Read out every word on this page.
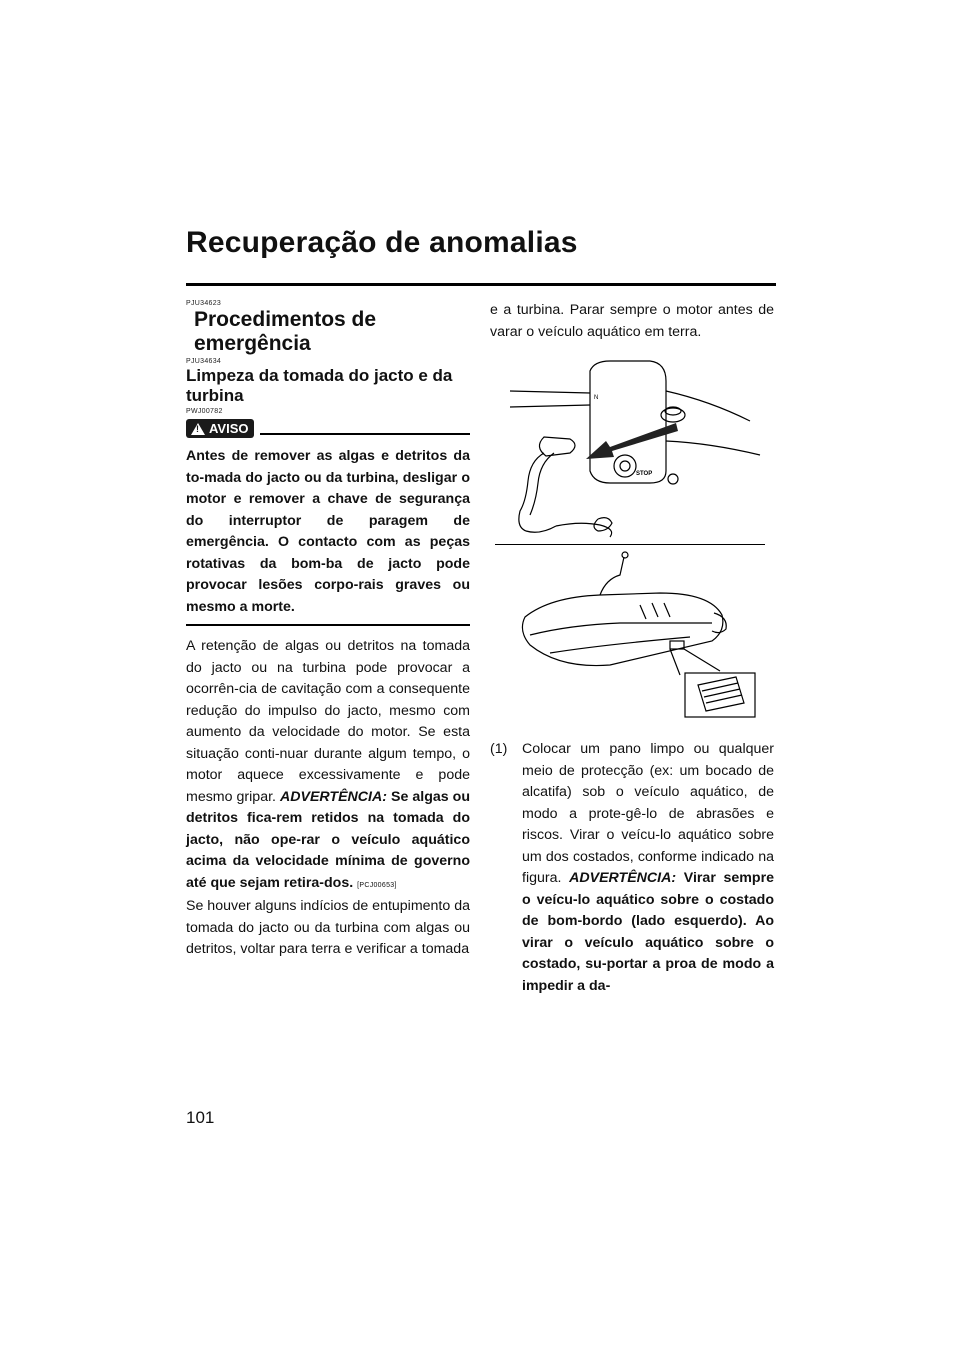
Recuperação de anomalias
PJU34623
Procedimentos de emergência
PJU34634
Limpeza da tomada do jacto e da turbina
PWJ00782
! AVISO

Antes de remover as algas e detritos da to-mada do jacto ou da turbina, desligar o motor e remover a chave de segurança do interruptor de paragem de emergência. O contacto com as peças rotativas da bom-ba de jacto pode provocar lesões corpo-rais graves ou mesmo a morte.

A retenção de algas ou detritos na tomada do jacto ou na turbina pode provocar a ocorrên-cia de cavitação com a consequente redução do impulso do jacto, mesmo com aumento da velocidade do motor. Se esta situação conti-nuar durante algum tempo, o motor aquece excessivamente e pode mesmo gripar. ADVERTÊNCIA: Se algas ou detritos fica-rem retidos na tomada do jacto, não ope-rar o veículo aquático acima da velocidade mínima de governo até que sejam retira-dos. [PCJ00653]

Se houver alguns indícios de entupimento da tomada do jacto ou da turbina com algas ou detritos, voltar para terra e verificar a tomada

e a turbina. Parar sempre o motor antes de varar o veículo aquático em terra.

STOP
N
(1)	Colocar um pano limpo ou qualquer meio de protecção (ex: um bocado de alcatifa) sob o veículo aquático, de modo a prote-gê-lo de abrasões e riscos. Virar o veícu-lo aquático sobre um dos costados, conforme indicado na figura. ADVERTÊNCIA: Virar sempre o veícu-lo aquático sobre o costado de bom-bordo (lado esquerdo). Ao virar o veículo aquático sobre o costado, su-portar a proa de modo a impedir a da-
101
